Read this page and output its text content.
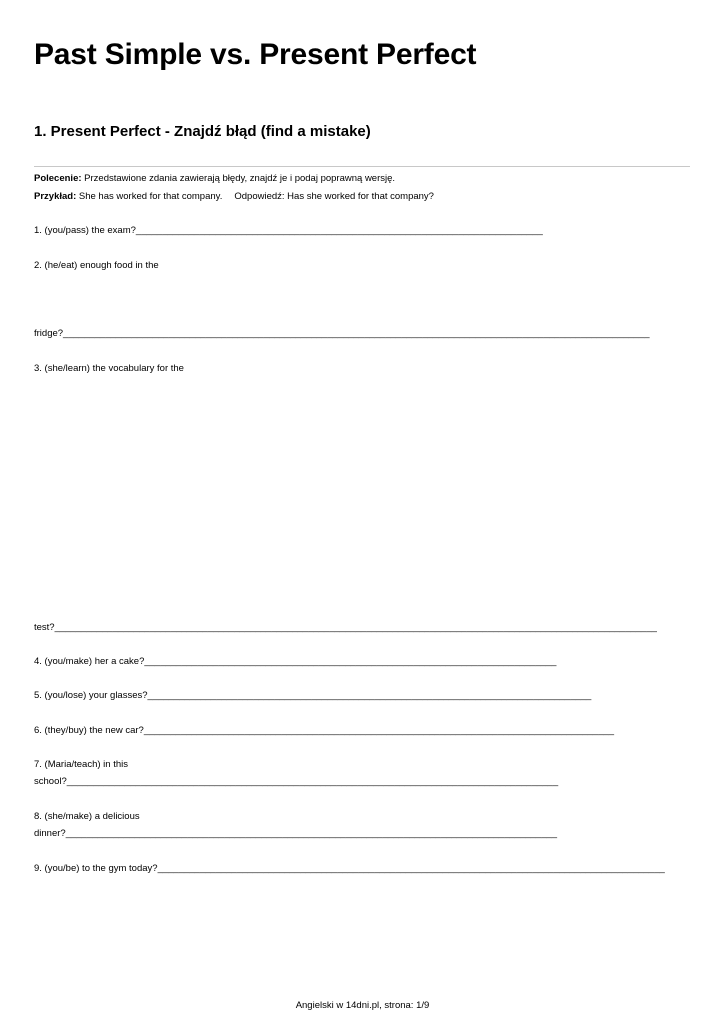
Past Simple vs. Present Perfect
1. Present Perfect - Znajdź błąd (find a mistake)
Polecenie: Przedstawione zdania zawierają błędy, znajdź je i podaj poprawną wersję.
Przykład: She has worked for that company. Odpowiedź: Has she worked for that company?
1. (you/pass) the exam?_____________________________________________________________________________
2. (he/eat) enough food in the
fridge?_______________________________________________________________________________________________________________
3. (she/learn) the vocabulary for the
test?__________________________________________________________________________________________________________________
4. (you/make) her a cake?______________________________________________________________________________
5. (you/lose) your glasses?____________________________________________________________________________________
6. (they/buy) the new car?_________________________________________________________________________________________
7. (Maria/teach) in this
school?_____________________________________________________________________________________________
8. (she/make) a delicious
dinner?_____________________________________________________________________________________________
9. (you/be) to the gym today?________________________________________________________________________________________________
Angielski w 14dni.pl, strona: 1/9
